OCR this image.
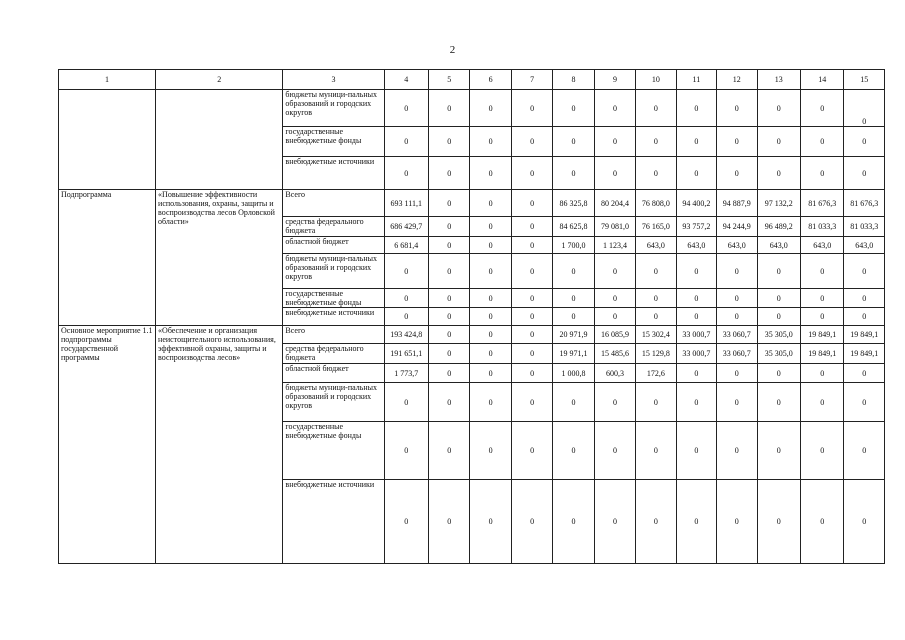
2
1	2	3	4	5	6	7	8	9	10	11	12	13	14	15
		бюджеты муници-пальных образований и городских округов	0	0	0	0	0	0	0	0	0	0	0	0
		государственные внебюджетные фонды	0	0	0	0	0	0	0	0	0	0	0	0
		внебюджетные источники	0	0	0	0	0	0	0	0	0	0	0	0
Подпрограмма	«Повышение эффективности использования, охраны, защиты и воспроизводства лесов Орловской области»	Всего	693 111,1	0	0	0	86 325,8	80 204,4	76 808,0	94 400,2	94 887,9	97 132,2	81 676,3	81 676,3
		средства федерального бюджета	686 429,7	0	0	0	84 625,8	79 081,0	76 165,0	93 757,2	94 244,9	96 489,2	81 033,3	81 033,3
		областной бюджет	6 681,4	0	0	0	1 700,0	1 123,4	643,0	643,0	643,0	643,0	643,0	643,0
		бюджеты муници-пальных образований и городских округов	0	0	0	0	0	0	0	0	0	0	0	0
		государственные внебюджетные фонды	0	0	0	0	0	0	0	0	0	0	0	0
		внебюджетные источники	0	0	0	0	0	0	0	0	0	0	0	0
Основное мероприятие 1.1 подпрограммы государственной программы	«Обеспечение и организация неистощительного использования, эффективной охраны, защиты и воспроизводства лесов»	Всего	193 424,8	0	0	0	20 971,9	16 085,9	15 302,4	33 000,7	33 060,7	35 305,0	19 849,1	19 849,1
		средства федерального бюджета	191 651,1	0	0	0	19 971,1	15 485,6	15 129,8	33 000,7	33 060,7	35 305,0	19 849,1	19 849,1
		областной бюджет	1 773,7	0	0	0	1 000,8	600,3	172,6	0	0	0	0	0
		бюджеты муници-пальных образований и городских округов	0	0	0	0	0	0	0	0	0	0	0	0
		государственные внебюджетные фонды	0	0	0	0	0	0	0	0	0	0	0	0
		внебюджетные источники	0	0	0	0	0	0	0	0	0	0	0	0
